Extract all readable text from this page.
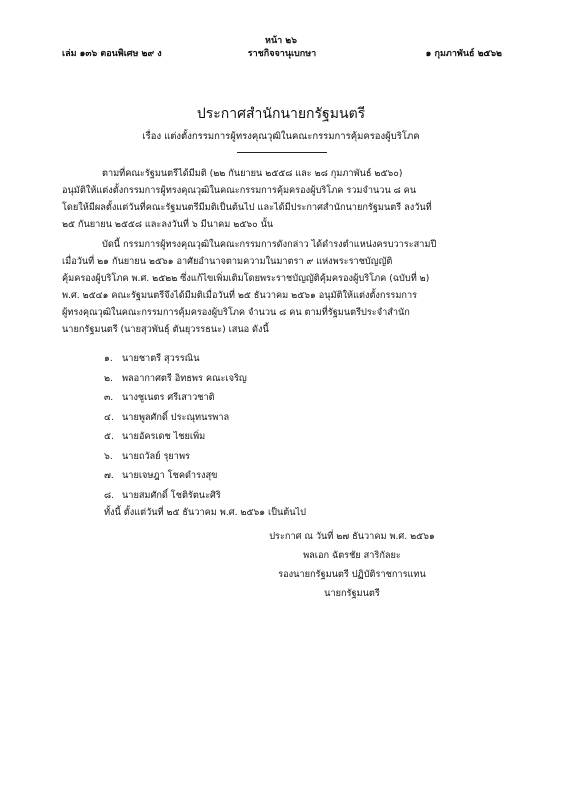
หน้า ๒๖
เล่ม ๑๓๖ ตอนพิเศษ ๒๙ ง	ราชกิจจานุเบกษา	๑ กุมภาพันธ์ ๒๕๖๒
ประกาศสำนักนายกรัฐมนตรี
เรื่อง แต่งตั้งกรรมการผู้ทรงคุณวุฒิในคณะกรรมการคุ้มครองผู้บริโภค
ตามที่คณะรัฐมนตรีได้มีมติ (๒๒ กันยายน ๒๕๕๘ และ ๒๘ กุมภาพันธ์ ๒๕๖๐)
อนุมัติให้แต่งตั้งกรรมการผู้ทรงคุณวุฒิในคณะกรรมการคุ้มครองผู้บริโภค รวมจำนวน ๘ คน
โดยให้มีผลตั้งแต่วันที่คณะรัฐมนตรีมีมติเป็นต้นไป และได้มีประกาศสำนักนายกรัฐมนตรี ลงวันที่
๒๕ กันยายน ๒๕๕๘ และลงวันที่ ๖ มีนาคม ๒๕๖๐ นั้น
บัดนี้ กรรมการผู้ทรงคุณวุฒิในคณะกรรมการดังกล่าว ได้ดำรงตำแหน่งครบวาระสามปี
เมื่อวันที่ ๒๑ กันยายน ๒๕๖๑ อาศัยอำนาจตามความในมาตรา ๙ แห่งพระราชบัญญัติ
คุ้มครองผู้บริโภค พ.ศ. ๒๕๒๒ ซึ่งแก้ไขเพิ่มเติมโดยพระราชบัญญัติคุ้มครองผู้บริโภค (ฉบับที่ ๒)
พ.ศ. ๒๕๔๑ คณะรัฐมนตรีจึงได้มีมติเมื่อวันที่ ๒๕ ธันวาคม ๒๕๖๑ อนุมัติให้แต่งตั้งกรรมการ
ผู้ทรงคุณวุฒิในคณะกรรมการคุ้มครองผู้บริโภค จำนวน ๘ คน ตามที่รัฐมนตรีประจำสำนัก
นายกรัฐมนตรี (นายสุวพันธุ์ ตันยุวรรธนะ) เสนอ ดังนี้
๑. นายชาตรี สุวรรณิน
๒. พลอากาศตรี อิทธพร คณะเจริญ
๓. นางชูเนตร ศรีเสาวชาติ
๔. นายพูลศักดิ์ ประณุทนรพาล
๕. นายอัครเดช ไชยเพิ่ม
๖. นายถวัลย์ รุยาพร
๗. นายเจษฎา โชคดำรงสุข
๘. นายสมศักดิ์ โชติรัตนะศิริ
ทั้งนี้ ตั้งแต่วันที่ ๒๕ ธันวาคม พ.ศ. ๒๕๖๑ เป็นต้นไป
ประกาศ ณ วันที่ ๒๗ ธันวาคม พ.ศ. ๒๕๖๑
พลเอก ฉัตรชัย สาริกัลยะ
รองนายกรัฐมนตรี ปฏิบัติราชการแทน
นายกรัฐมนตรี
